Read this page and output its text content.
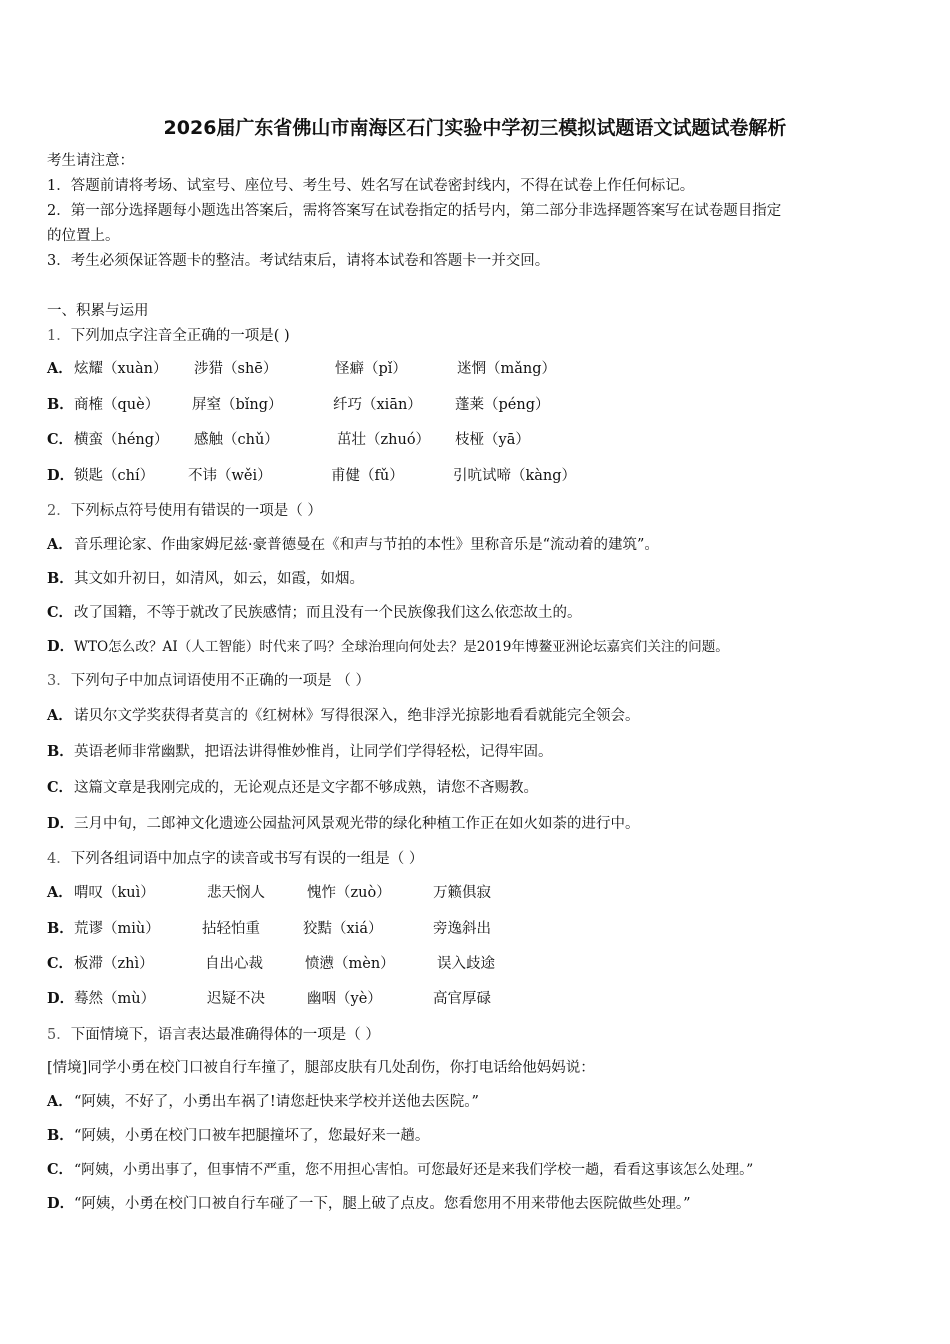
2026届广东省佛山市南海区石门实验中学初三模拟试题语文试题试卷解析
考生请注意：
1．答题前请将考场、试室号、座位号、考生号、姓名写在试卷密封线内，不得在试卷上作任何标记。
2．第一部分选择题每小题选出答案后，需将答案写在试卷指定的括号内，第二部分非选择题答案写在试卷题目指定
的位置上。
3．考生必须保证答题卡的整洁。考试结束后，请将本试卷和答题卡一并交回。
一、积累与运用
1．下列加点字注音全正确的一项是( )
A． 炫耀（xuàn） 涉猎（shē）	怪癖（pǐ）	迷惘（mǎng）
B． 商榷（què） 屏窒（bǐng）	纤巧（xiān） 蓬莱（péng）
C． 横蛮（héng） 感触（chǔ）	茁壮（zhuó） 枝桠（yā）
D． 锁匙（chí） 不讳（wěi）	甫健（fǔ）	引吭试啼（kàng）
2．下列标点符号使用有错误的一项是（ ）
A． 音乐理论家、作曲家姆尼兹·豪普德曼在《和声与节拍的本性》里称音乐是“流动着的建筑”。
B． 其文如升初日，如清风，如云，如霞，如烟。
C． 改了国籍，不等于就改了民族感情；而且没有一个民族像我们这么依恋故土的。
D． WTO怎么改？AI（人工智能）时代来了吗？全球治理向何处去？是2019年博鳌亚洲论坛嘉宾们关注的问题。
3．下列句子中加点词语使用不正确的一项是 （ ）
A． 诺贝尔文学奖获得者莫言的《红树林》写得很深入，绝非浮光掠影地看看就能完全领会。
B． 英语老师非常幽默，把语法讲得惟妙惟肖，让同学们学得轻松，记得牢固。
C． 这篇文章是我刚完成的，无论观点还是文字都不够成熟，请您不吝赐教。
D． 三月中旬，二郎神文化遗迹公园盐河风景观光带的绿化种植工作正在如火如荼的进行中。
4．下列各组词语中加点字的读音或书写有误的一组是（ ）
A． 喟叹（kuì）	悲天悯人	愧怍（zuò）	万籁俱寂
B． 荒谬（miù）	拈轻怕重	狡黠（xiá）	旁逸斜出
C． 板滞（zhì）	自出心裁	愤懑（mèn）	误入歧途
D． 蓦然（mù）	迟疑不决	幽咽（yè）	高官厚碌
5．下面情境下，语言表达最准确得体的一项是（ ）
[情境]同学小勇在校门口被自行车撞了，腿部皮肤有几处刮伤，你打电话给他妈妈说：
A． “阿姨，不好了，小勇出车祸了!请您赶快来学校并送他去医院。”
B． “阿姨，小勇在校门口被车把腿撞坏了，您最好来一趟。
C． “阿姨，小勇出事了，但事情不严重，您不用担心害怕。可您最好还是来我们学校一趟，看看这事该怎么处理。”
D． “阿姨，小勇在校门口被自行车碰了一下，腿上破了点皮。您看您用不用来带他去医院做些处理。”
